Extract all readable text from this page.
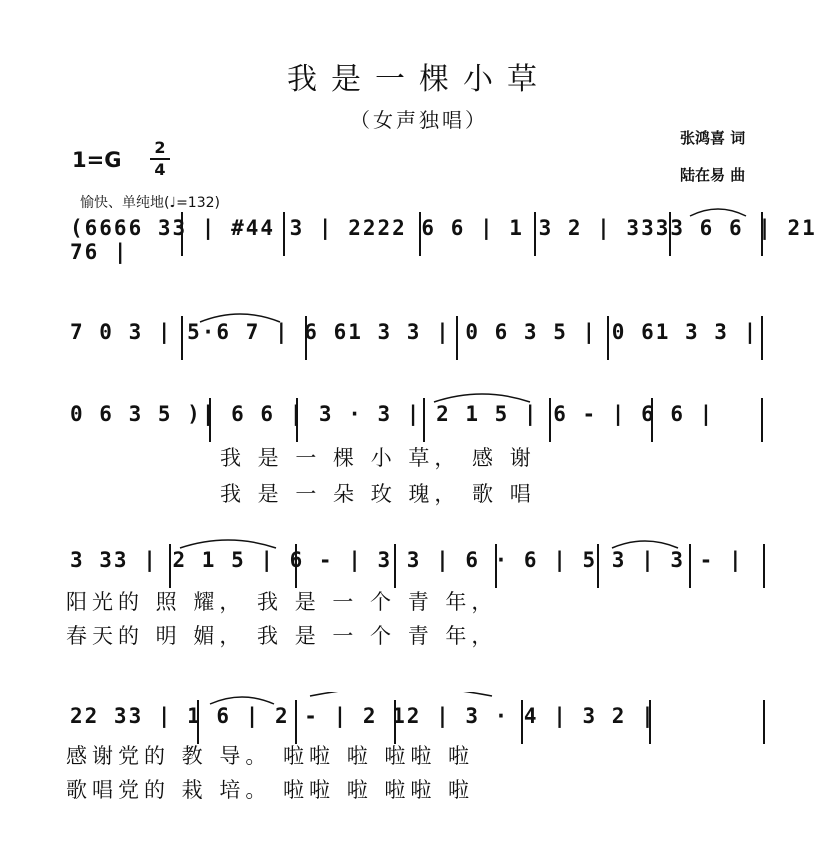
我是一棵小草
（女声独唱）
张鸿喜 词
陆在易 曲
1=G
2
4
愉快、单纯地(♩=132)
(6666 33 | #44 3 | 2222 6 6 | 1 3 2 | 3333 6 6 | 21 76 |
7 0 3 | 5·6 7 | 6 61 3 3 | 0 6 3 5 | 0 61 3 3 |
0 6 3 5 )| 6 6 | 3 · 3 | 2 1 5 | 6 - | 6 6 |
我 是 一 棵 小 草， 感 谢
我 是 一 朵 玫 瑰， 歌 唱
3 33 | 2 1 5 | 6 - | 3 3 | 6 · 6 | 5 3 | 3 - |
阳光的 照 耀， 我 是 一 个 青 年，
春天的 明 媚， 我 是 一 个 青 年，
22 33 | 1 6 | 2 - | 2 12 | 3 · 4 | 3 2 |
感谢党的 教 导。 啦啦 啦 啦啦 啦
歌唱党的 栽 培。 啦啦 啦 啦啦 啦
